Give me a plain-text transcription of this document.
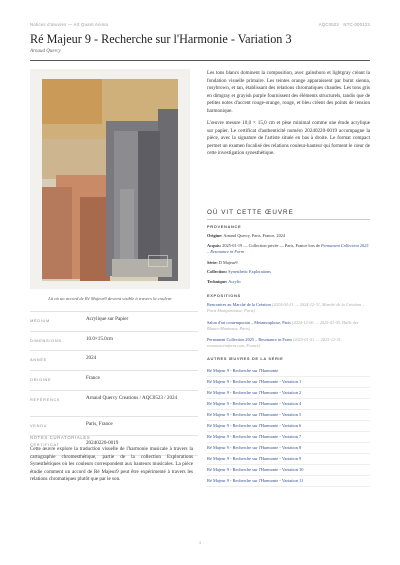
Notices d'œuvres — Art Quant Anima	AQC0523 · NTC-000123
Ré Majeur 9 - Recherche sur l'Harmonie - Variation 3
Arnaud Quercy
Là où un accord de Ré Majeur9 devient visible à travers la couleur
MÉDIUM	Acrylique sur Papier
DIMENSIONS	10.0×15.0cm
ANNÉE	2024
ORIGINE	France
RÉFÉRENCE	Arnaud Quercy Creations / AQC0523 / 2024
VENDU	Paris, France
CERTIFICAT	20240220-0019
NOTES CURATORIALES
Cette œuvre explore la traduction visuelle de l'harmonie musicale à travers la cartographie chromesthétique, partie de la collection Explorations Synesthétiques où les couleurs correspondent aux hauteurs musicales. La pièce étudie comment un accord de Ré Majeur9 peut être expérimenté à travers les relations chromatiques plutôt que par le son.

Les tons blancs dominent la composition, avec gainsboro et lightgray créant la fondation visuelle primaire. Les teintes orange apparaissent par burnt sienna, rosybrown, et tan, établissant des relations chromatiques chaudes. Les tons gris en dimgray et grayish purple fournissent des éléments structurels, tandis que de petites notes d'accent rouge-orange, rouge, et bleu créent des points de tension harmonique.

L'œuvre mesure 10,0 × 15,0 cm et pèse minimal comme une étude acrylique sur papier. Le certificat d'authenticité numéro 20240220-0019 accompagne la pièce, avec la signature de l'artiste située en bas à droite. Le format compact permet un examen focalisé des relations couleur-hauteur qui forment le cœur de cette investigation synesthétique.

OÙ VIT CETTE ŒUVRE
PROVENANCE
Origine: Arnaud Quercy, Paris, France, 2024
Acquis: 2025-01-19 — Collection privée — Paris, France lors de Permanent Collection 2025 – Resonance in Form
Série: D Majeur9
Collection: Synesthetic Explorations
Technique: Acrylic
EXPOSITIONS
Rencontres au Marché de la Création (2024-04-21 → 2024-12-31, Marché de la Création – Paris Montparnasse, Paris)
Salon d'art contemporain – Metamorphose, Paris (2024-12-06 → 2025-01-05, Halle des Blancs-Manteaux, Paris)
Permanent Collection 2025 – Resonance in Form (2025-01-01 → 2025-12-31, resonanceinform.com, France)
AUTRES ŒUVRES DE LA SÉRIE
Ré Majeur 9 - Recherche sur l'Harmonie
Ré Majeur 9 - Recherche sur l'Harmonie - Variation 1
Ré Majeur 9 - Recherche sur l'Harmonie - Variation 2
Ré Majeur 9 - Recherche sur l'Harmonie - Variation 4
Ré Majeur 9 - Recherche sur l'Harmonie - Variation 5
Ré Majeur 9 - Recherche sur l'Harmonie - Variation 6
Ré Majeur 9 - Recherche sur l'Harmonie - Variation 7
Ré Majeur 9 - Recherche sur l'Harmonie - Variation 8
Ré Majeur 9 - Recherche sur l'Harmonie - Variation 9
Ré Majeur 9 - Recherche sur l'Harmonie - Variation 10
Ré Majeur 9 - Recherche sur l'Harmonie - Variation 11
1
